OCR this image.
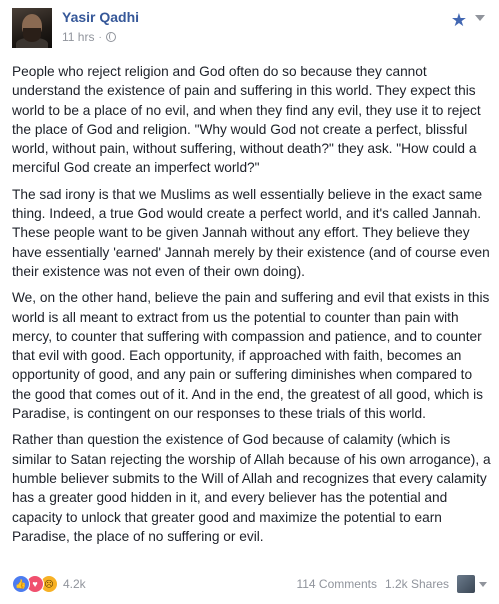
Yasir Qadhi
11 hrs ·
★

People who reject religion and God often do so because they cannot understand the existence of pain and suffering in this world. They expect this world to be a place of no evil, and when they find any evil, they use it to reject the place of God and religion. "Why would God not create a perfect, blissful world, without pain, without suffering, without death?" they ask. "How could a merciful God create an imperfect world?"

The sad irony is that we Muslims as well essentially believe in the exact same thing. Indeed, a true God would create a perfect world, and it's called Jannah. These people want to be given Jannah without any effort. They believe they have essentially 'earned' Jannah merely by their existence (and of course even their existence was not even of their own doing).

We, on the other hand, believe the pain and suffering and evil that exists in this world is all meant to extract from us the potential to counter than pain with mercy, to counter that suffering with compassion and patience, and to counter that evil with good. Each opportunity, if approached with faith, becomes an opportunity of good, and any pain or suffering diminishes when compared to the good that comes out of it. And in the end, the greatest of all good, which is Paradise, is contingent on our responses to these trials of this world.

Rather than question the existence of God because of calamity (which is similar to Satan rejecting the worship of Allah because of his own arrogance), a humble believer submits to the Will of Allah and recognizes that every calamity has a greater good hidden in it, and every believer has the potential and capacity to unlock that greater good and maximize the potential to earn Paradise, the place of no suffering or evil.

👍 ♥ ☹ 4.2k	114 Comments 1.2k Shares
